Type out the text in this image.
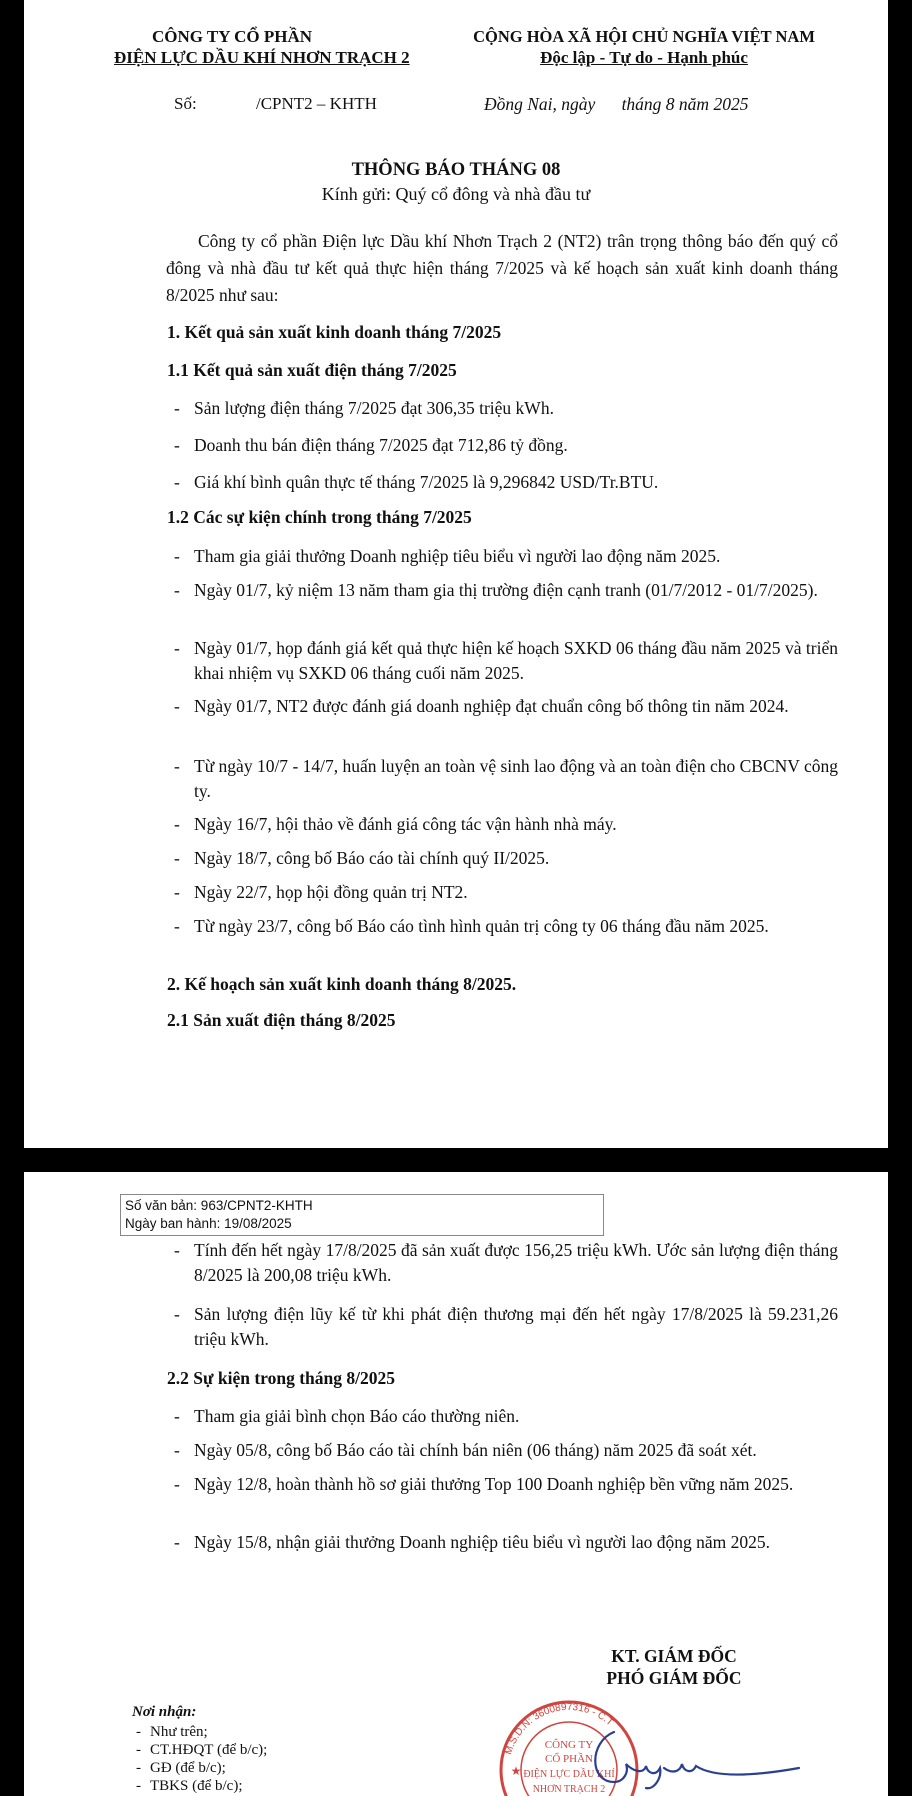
CÔNG TY CỔ PHẦN
ĐIỆN LỰC DẦU KHÍ NHƠN TRẠCH 2
CỘNG HÒA XÃ HỘI CHỦ NGHĨA VIỆT NAM
Độc lập - Tự do - Hạnh phúc
Số:	/CPNT2 – KHTH	Đồng Nai, ngày      tháng 8 năm 2025
THÔNG BÁO THÁNG 08
Kính gửi: Quý cổ đông và nhà đầu tư
Công ty cổ phần Điện lực Dầu khí Nhơn Trạch 2 (NT2) trân trọng thông báo đến quý cổ đông và nhà đầu tư kết quả thực hiện tháng 7/2025 và kế hoạch sản xuất kinh doanh tháng 8/2025 như sau:
1. Kết quả sản xuất kinh doanh tháng 7/2025
1.1 Kết quả sản xuất điện tháng 7/2025
- Sản lượng điện tháng 7/2025 đạt 306,35 triệu kWh.
- Doanh thu bán điện tháng 7/2025 đạt 712,86 tỷ đồng.
- Giá khí bình quân thực tế tháng 7/2025 là 9,296842 USD/Tr.BTU.
1.2 Các sự kiện chính trong tháng 7/2025
- Tham gia giải thưởng Doanh nghiệp tiêu biểu vì người lao động năm 2025.
- Ngày 01/7, kỷ niệm 13 năm tham gia thị trường điện cạnh tranh (01/7/2012 - 01/7/2025).
- Ngày 01/7, họp đánh giá kết quả thực hiện kế hoạch SXKD 06 tháng đầu năm 2025 và triển khai nhiệm vụ SXKD 06 tháng cuối năm 2025.
- Ngày 01/7, NT2 được đánh giá doanh nghiệp đạt chuẩn công bố thông tin năm 2024.
- Từ ngày 10/7 - 14/7, huấn luyện an toàn vệ sinh lao động và an toàn điện cho CBCNV công ty.
- Ngày 16/7, hội thảo về đánh giá công tác vận hành nhà máy.
- Ngày 18/7, công bố Báo cáo tài chính quý II/2025.
- Ngày 22/7, họp hội đồng quản trị NT2.
- Từ ngày 23/7, công bố Báo cáo tình hình quản trị công ty 06 tháng đầu năm 2025.
2. Kế hoạch sản xuất kinh doanh tháng 8/2025.
2.1 Sản xuất điện tháng 8/2025
Số văn bản: 963/CPNT2-KHTH
Ngày ban hành: 19/08/2025
- Tính đến hết ngày 17/8/2025 đã sản xuất được 156,25 triệu kWh. Ước sản lượng điện tháng 8/2025 là 200,08 triệu kWh.
- Sản lượng điện lũy kế từ khi phát điện thương mại đến hết ngày 17/8/2025 là 59.231,26 triệu kWh.
2.2 Sự kiện trong tháng 8/2025
- Tham gia giải bình chọn Báo cáo thường niên.
- Ngày 05/8, công bố Báo cáo tài chính bán niên (06 tháng) năm 2025 đã soát xét.
- Ngày 12/8, hoàn thành hồ sơ giải thưởng Top 100 Doanh nghiệp bền vững năm 2025.
- Ngày 15/8, nhận giải thưởng Doanh nghiệp tiêu biểu vì người lao động năm 2025.
KT. GIÁM ĐỐC
PHÓ GIÁM ĐỐC
Nơi nhận:
- Như trên;
- CT.HĐQT (để b/c);
- GĐ (để b/c);
- TBKS (để b/c);
M.S.D.N: 3600897316 - C.T
CÔNG TY
CỔ PHẦN
ĐIỆN LỰC DẦU KHÍ
NHƠN TRẠCH 2
★
